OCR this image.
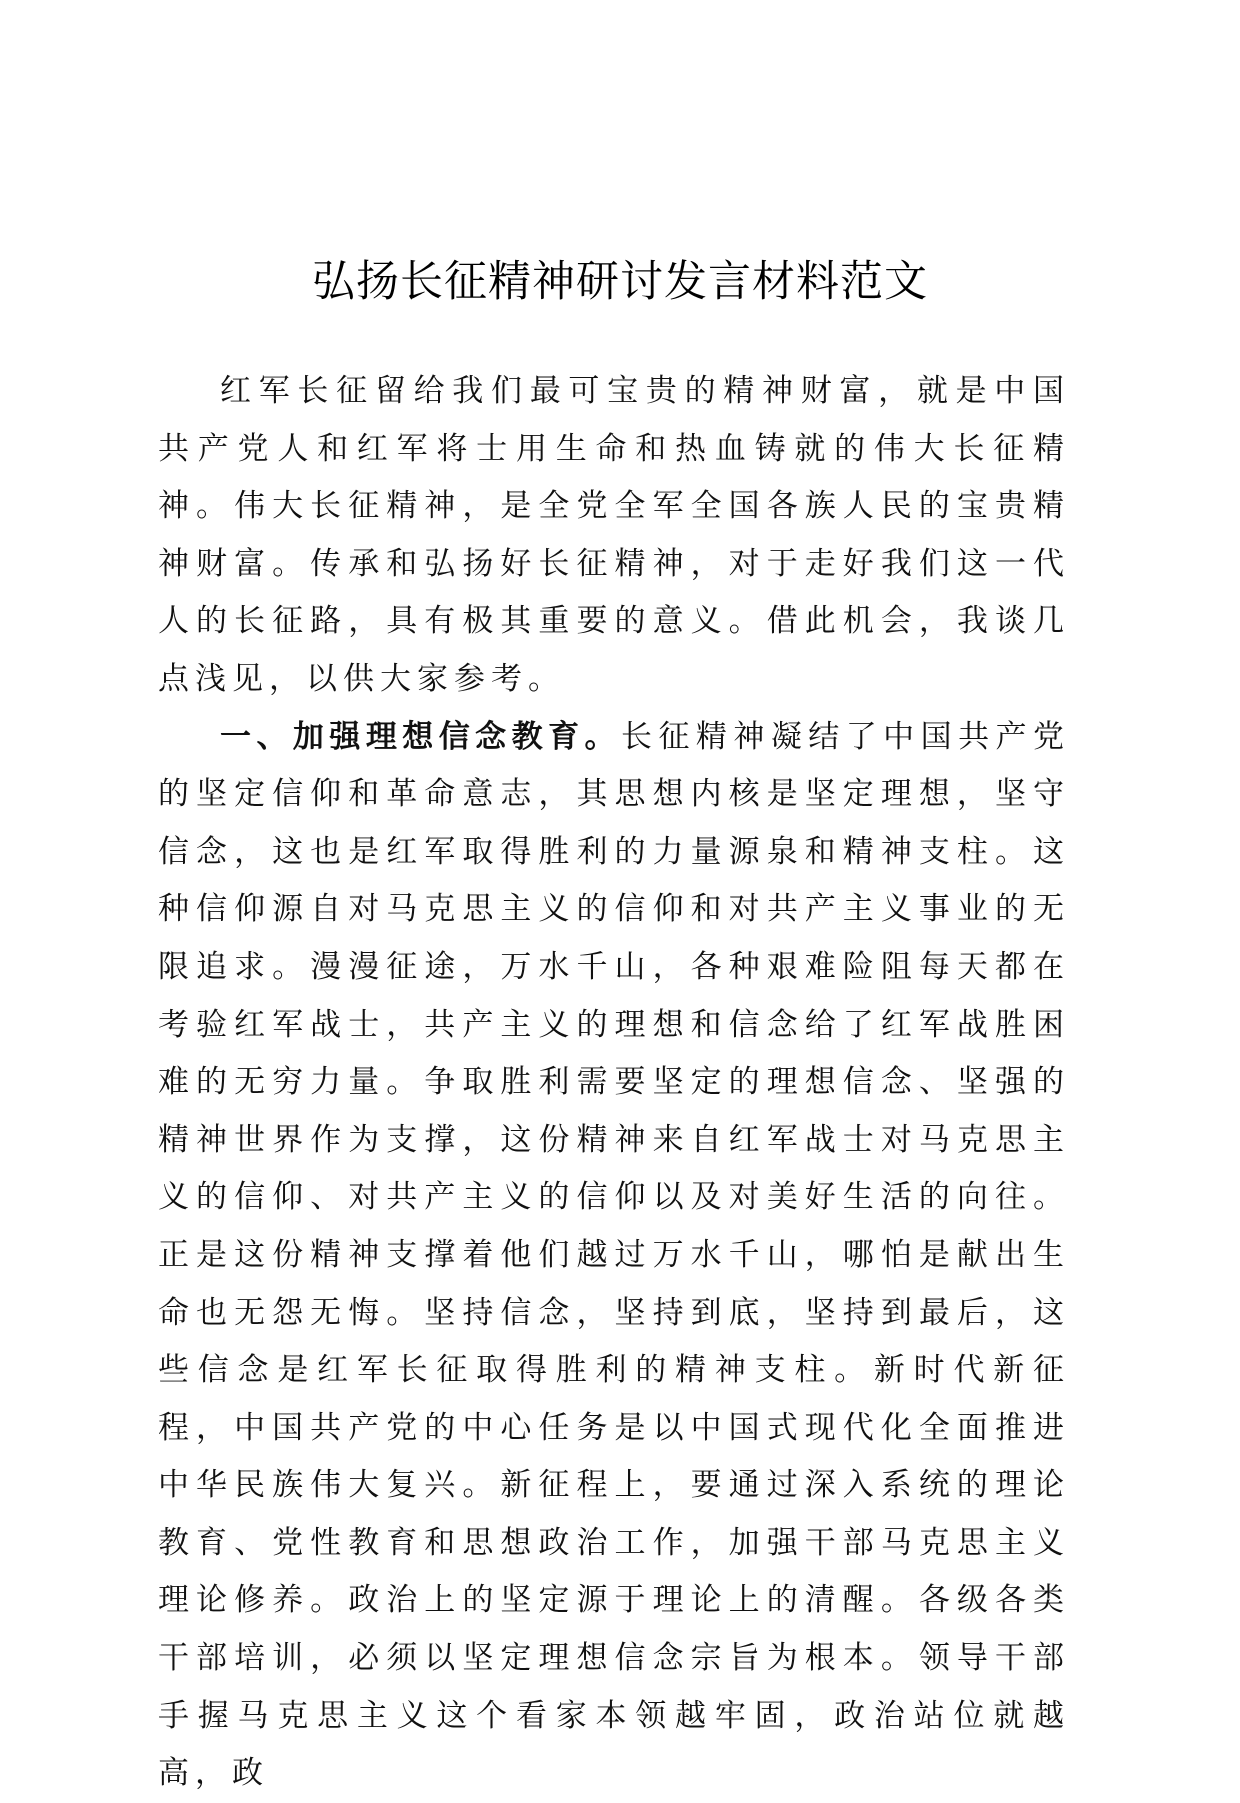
弘扬长征精神研讨发言材料范文

红军长征留给我们最可宝贵的精神财富，就是中国共产党人和红军将士用生命和热血铸就的伟大长征精神。伟大长征精神，是全党全军全国各族人民的宝贵精神财富。传承和弘扬好长征精神，对于走好我们这一代人的长征路，具有极其重要的意义。借此机会，我谈几点浅见，以供大家参考。

一、加强理想信念教育。长征精神凝结了中国共产党的坚定信仰和革命意志，其思想内核是坚定理想，坚守信念，这也是红军取得胜利的力量源泉和精神支柱。这种信仰源自对马克思主义的信仰和对共产主义事业的无限追求。漫漫征途，万水千山，各种艰难险阻每天都在考验红军战士，共产主义的理想和信念给了红军战胜困难的无穷力量。争取胜利需要坚定的理想信念、坚强的精神世界作为支撑，这份精神来自红军战士对马克思主义的信仰、对共产主义的信仰以及对美好生活的向往。正是这份精神支撑着他们越过万水千山，哪怕是献出生命也无怨无悔。坚持信念，坚持到底，坚持到最后，这些信念是红军长征取得胜利的精神支柱。新时代新征程，中国共产党的中心任务是以中国式现代化全面推进中华民族伟大复兴。新征程上，要通过深入系统的理论教育、党性教育和思想政治工作，加强干部马克思主义理论修养。政治上的坚定源于理论上的清醒。各级各类干部培训，必须以坚定理想信念宗旨为根本。领导干部手握马克思主义这个看家本领越牢固，政治站位就越高，政
